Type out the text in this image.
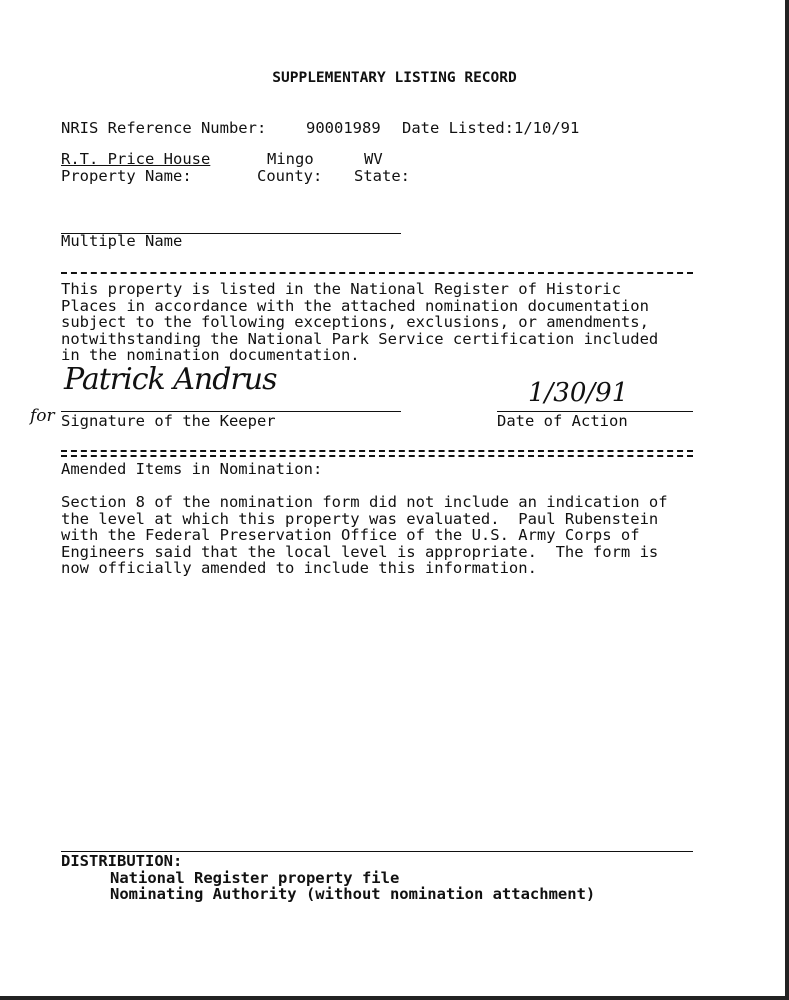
SUPPLEMENTARY LISTING RECORD
NRIS Reference Number:	90001989 Date Listed: 1/10/91
R.T. Price House	Mingo	WV
Property Name:	County: State:
Multiple Name
This property is listed in the National Register of Historic
Places in accordance with the attached nomination documentation
subject to the following exceptions, exclusions, or amendments,
notwithstanding the National Park Service certification included
in the nomination documentation.
Patrick Andrus
for Signature of the Keeper
1/30/91
Date of Action
Amended Items in Nomination:
Section 8 of the nomination form did not include an indication of
the level at which this property was evaluated.  Paul Rubenstein
with the Federal Preservation Office of the U.S. Army Corps of
Engineers said that the local level is appropriate.  The form is
now officially amended to include this information.
DISTRIBUTION:
National Register property file
Nominating Authority (without nomination attachment)
